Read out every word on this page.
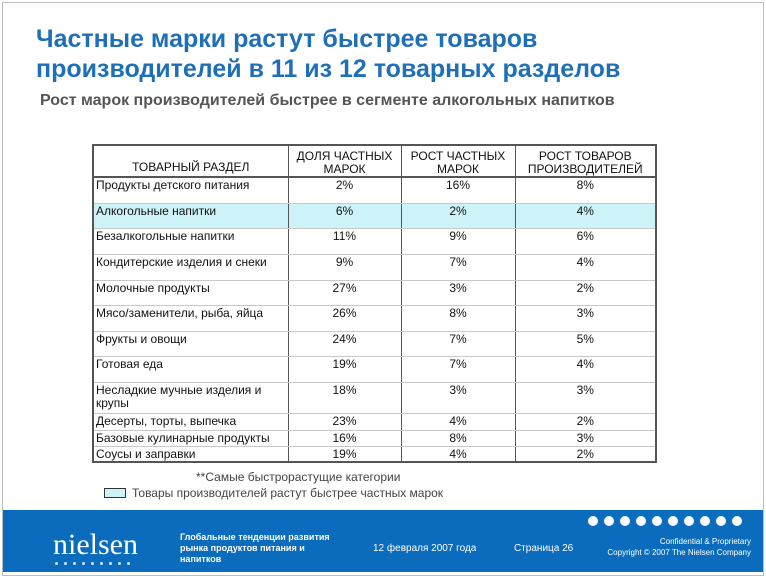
Частные марки растут быстрее товаров производителей в 11 из 12 товарных разделов
Рост марок производителей быстрее в сегменте алкогольных напитков
ТОВАРНЫЙ РАЗДЕЛ	ДОЛЯ ЧАСТНЫХ МАРОК	РОСТ ЧАСТНЫХ МАРОК	РОСТ ТОВАРОВ ПРОИЗВОДИТЕЛЕЙ
Продукты детского питания	2%	16%	8%
Алкогольные напитки	6%	2%	4%
Безалкогольные напитки	11%	9%	6%
Кондитерские изделия и снеки	9%	7%	4%
Молочные продукты	27%	3%	2%
Мясо/заменители, рыба, яйца	26%	8%	3%
Фрукты и овощи	24%	7%	5%
Готовая еда	19%	7%	4%
Несладкие мучные изделия и крупы	18%	3%	3%
Десерты, торты, выпечка	23%	4%	2%
Базовые кулинарные продукты	16%	8%	3%
Соусы и заправки	19%	4%	2%
**Самые быстрорастущие категории
Товары производителей растут быстрее частных марок
nielsen	Глобальные тенденции развития рынка продуктов питания и напитков
12 февраля 2007 года	Страница 26
Confidential & Proprietary
Copyright © 2007 The Nielsen Company
